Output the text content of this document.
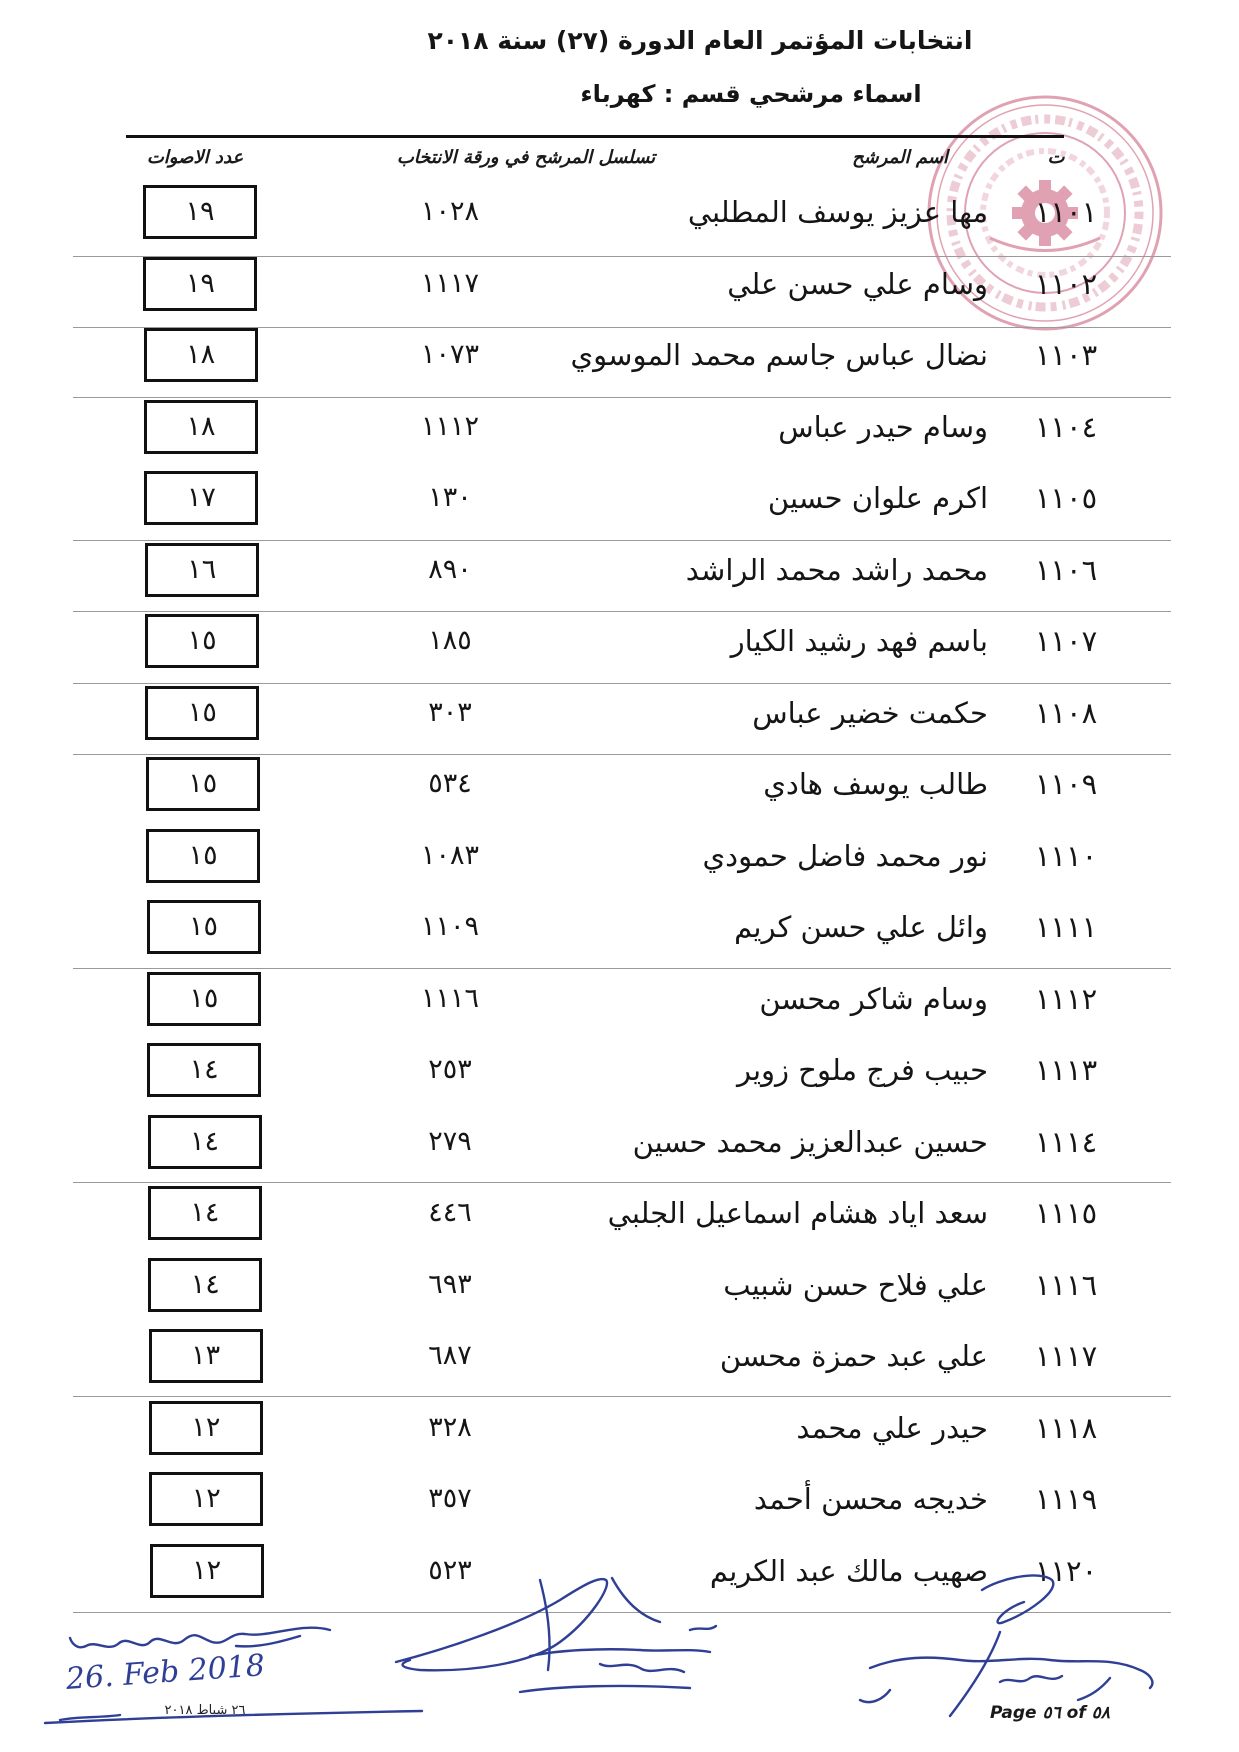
انتخابات المؤتمر العام الدورة (٢٧) سنة ٢٠١٨
اسماء مرشحي قسم : كهرباء
ت
اسم المرشح
تسلسل المرشح في ورقة الانتخاب
عدد الاصوات
١١٠١
مها عزيز يوسف المطلبي
١٠٢٨
١٩
١١٠٢
وسام علي حسن علي
١١١٧
١٩
١١٠٣
نضال عباس جاسم محمد الموسوي
١٠٧٣
١٨
١١٠٤
وسام حيدر عباس
١١١٢
١٨
١١٠٥
اكرم علوان حسين
١٣٠
١٧
١١٠٦
محمد راشد محمد الراشد
٨٩٠
١٦
١١٠٧
باسم فهد رشيد الكيار
١٨٥
١٥
١١٠٨
حكمت خضير عباس
٣٠٣
١٥
١١٠٩
طالب يوسف هادي
٥٣٤
١٥
١١١٠
نور محمد فاضل حمودي
١٠٨٣
١٥
١١١١
وائل علي حسن كريم
١١٠٩
١٥
١١١٢
وسام شاكر محسن
١١١٦
١٥
١١١٣
حبيب فرج ملوح زوير
٢٥٣
١٤
١١١٤
حسين عبدالعزيز محمد حسين
٢٧٩
١٤
١١١٥
سعد اياد هشام اسماعيل الجلبي
٤٤٦
١٤
١١١٦
علي فلاح حسن شبيب
٦٩٣
١٤
١١١٧
علي عبد حمزة محسن
٦٨٧
١٣
١١١٨
حيدر علي محمد
٣٢٨
١٢
١١١٩
خديجه محسن أحمد
٣٥٧
١٢
١١٢٠
صهيب مالك عبد الكريم
٥٢٣
١٢
26. Feb 2018
٢٦ شباط ٢٠١٨	Page ٥٦ of ٥٨
